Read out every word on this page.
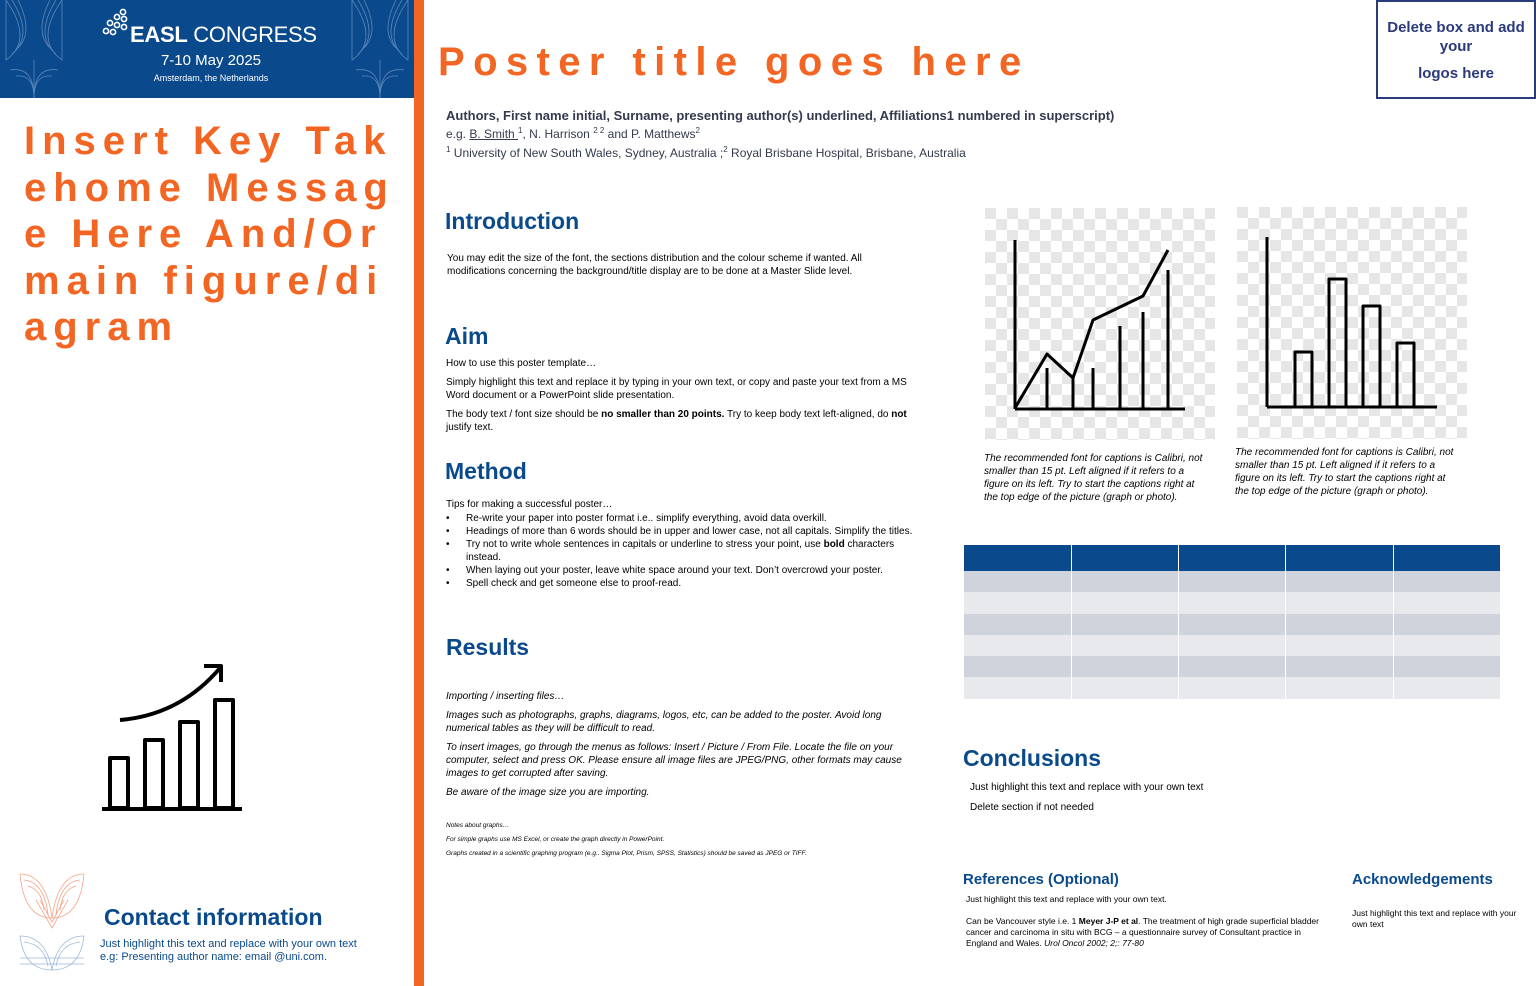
EASL CONGRESS
7-10 May 2025
Amsterdam, the Netherlands
Insert Key Takehome Message Here And/Or main figure/diagram
Contact information
Just highlight this text and replace with your own text
e.g: Presenting author name: email @uni.com.
Poster title goes here
Delete box and add your
logos here
Authors, First name initial, Surname, presenting author(s) underlined, Affiliations1 numbered in superscript)
e.g. B. Smith $^1$, N. Harrison $^{2 2}$ and P. Matthews$^2$
$^1$ University of New South Wales, Sydney, Australia ;$^2$ Royal Brisbane Hospital, Brisbane, Australia
Introduction

You may edit the size of the font, the sections distribution and the colour scheme if wanted. All modifications concerning the background/title display are to be done at a Master Slide level.

Aim

How to use this poster template…

Simply highlight this text and replace it by typing in your own text, or copy and paste your text from a MS Word document or a PowerPoint slide presentation.

The body text / font size should be no smaller than 20 points. Try to keep body text left-aligned, do not justify text.

Method
Tips for making a successful poster…
• Re-write your paper into poster format i.e.. simplify everything, avoid data overkill.
• Headings of more than 6 words should be in upper and lower case, not all capitals. Simplify the titles.
• Try not to write whole sentences in capitals or underline to stress your point, use bold characters instead.
• When laying out your poster, leave white space around your text. Don’t overcrowd your poster.
• Spell check and get someone else to proof-read.
Results

Importing / inserting files…

Images such as photographs, graphs, diagrams, logos, etc, can be added to the poster. Avoid long numerical tables as they will be difficult to read.

To insert images, go through the menus as follows: Insert / Picture / From File. Locate the file on your computer, select and press OK. Please ensure all image files are JPEG/PNG, other formats may cause images to get corrupted after saving.

Be aware of the image size you are importing.

Notes about graphs…
For simple graphs use MS Excel, or create the graph directly in PowerPoint.
Graphs created in a scientific graphing program (e.g.. Sigma Plot, Prism, SPSS, Statistics) should be saved as JPEG or TIFF.
The recommended font for captions is Calibri, not smaller than 15 pt. Left aligned if it refers to a figure on its left. Try to start the captions right at the top edge of the picture (graph or photo).
The recommended font for captions is Calibri, not smaller than 15 pt. Left aligned if it refers to a figure on its left. Try to start the captions right at the top edge of the picture (graph or photo).

Conclusions

Just highlight this text and replace with your own text

Delete section if not needed

References (Optional)

Just highlight this text and replace with your own text.

Can be Vancouver style i.e. 1 Meyer J-P et al. The treatment of high grade superficial bladder cancer and carcinoma in situ with BCG – a questionnaire survey of Consultant practice in England and Wales. Urol Oncol 2002; 2;: 77-80

Acknowledgements
Just highlight this text and replace with your own text
